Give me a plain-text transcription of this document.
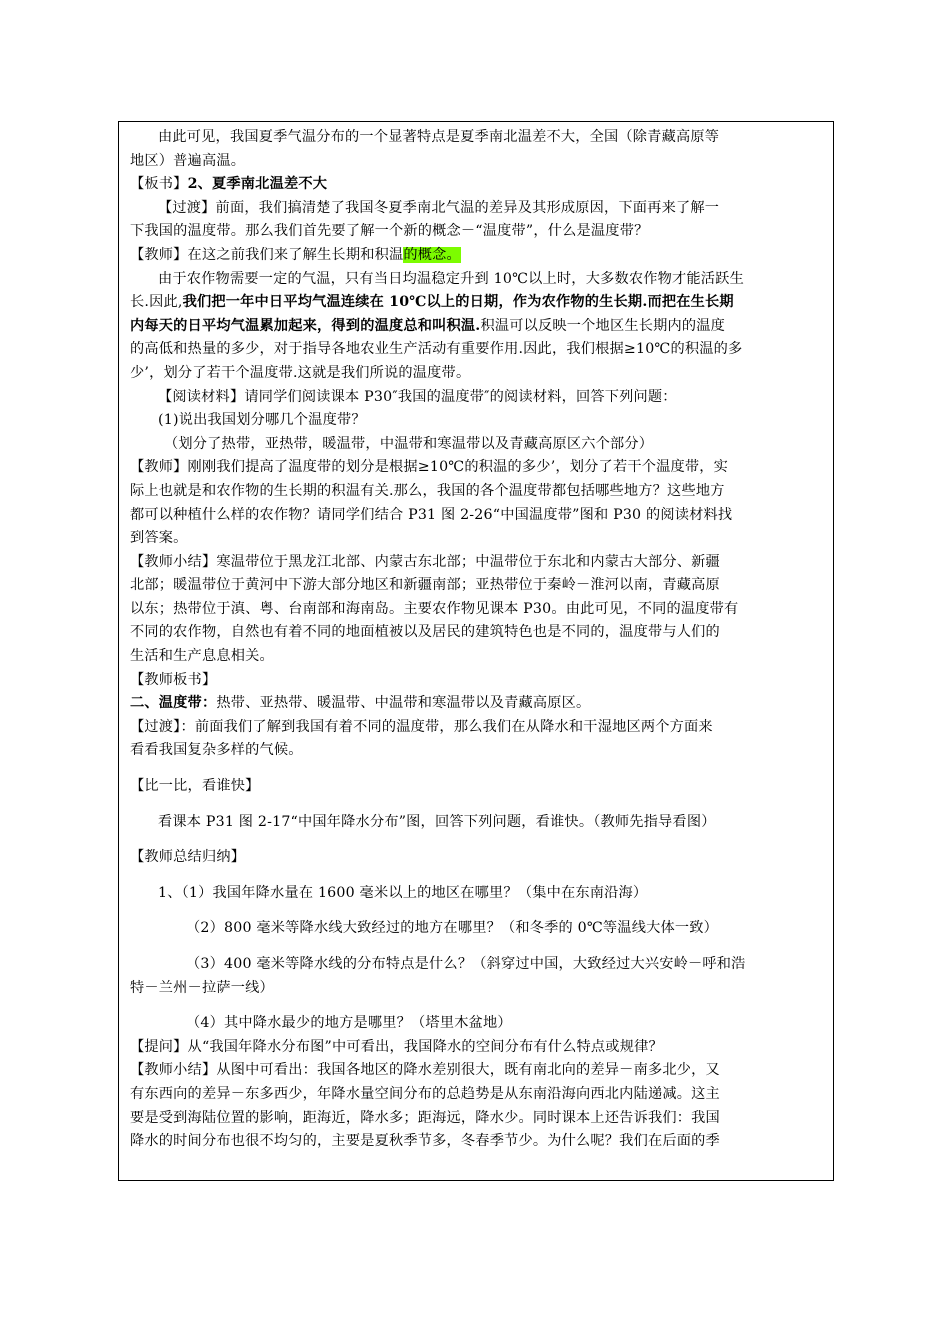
由此可见，我国夏季气温分布的一个显著特点是夏季南北温差不大，全国（除青藏高原等
地区）普遍高温。
【板书】2、夏季南北温差不大
【过渡】前面，我们搞清楚了我国冬夏季南北气温的差异及其形成原因，下面再来了解一
下我国的温度带。那么我们首先要了解一个新的概念－“温度带”，什么是温度带？
【教师】在这之前我们来了解生长期和积温的概念。
由于农作物需要一定的气温，只有当日均温稳定升到 10℃以上时，大多数农作物才能活跃生
长.因此,我们把一年中日平均气温连续在 10℃以上的日期，作为农作物的生长期.而把在生长期
内每天的日平均气温累加起来，得到的温度总和叫积温.积温可以反映一个地区生长期内的温度
的高低和热量的多少，对于指导各地农业生产活动有重要作用.因此，我们根据≥10℃的积温的多
少’，划分了若干个温度带.这就是我们所说的温度带。
【阅读材料】请同学们阅读课本 P30″我国的温度带″的阅读材料，回答下列问题：
(1)说出我国划分哪几个温度带？
（划分了热带，亚热带，暖温带，中温带和寒温带以及青藏高原区六个部分）
【教师】刚刚我们提高了温度带的划分是根据≥10℃的积温的多少’，划分了若干个温度带，实
际上也就是和农作物的生长期的积温有关.那么，我国的各个温度带都包括哪些地方？这些地方
都可以种植什么样的农作物？请同学们结合 P31 图 2-26“中国温度带”图和 P30 的阅读材料找
到答案。
【教师小结】寒温带位于黑龙江北部、内蒙古东北部；中温带位于东北和内蒙古大部分、新疆
北部；暖温带位于黄河中下游大部分地区和新疆南部；亚热带位于秦岭－淮河以南，青藏高原
以东；热带位于滇、粤、台南部和海南岛。主要农作物见课本 P30。由此可见，不同的温度带有
不同的农作物，自然也有着不同的地面植被以及居民的建筑特色也是不同的，温度带与人们的
生活和生产息息相关。
【教师板书】
二、温度带：热带、亚热带、暖温带、中温带和寒温带以及青藏高原区。
【过渡】：前面我们了解到我国有着不同的温度带，那么我们在从降水和干湿地区两个方面来
看看我国复杂多样的气候。
【比一比，看谁快】
看课本 P31 图 2-17“中国年降水分布”图，回答下列问题，看谁快。（教师先指导看图）
【教师总结归纳】
1、（1）我国年降水量在 1600 毫米以上的地区在哪里？（集中在东南沿海）
（2）800 毫米等降水线大致经过的地方在哪里？（和冬季的 0℃等温线大体一致）
（3）400 毫米等降水线的分布特点是什么？（斜穿过中国，大致经过大兴安岭－呼和浩
特－兰州－拉萨一线）
（4）其中降水最少的地方是哪里？（塔里木盆地）
【提问】从“我国年降水分布图”中可看出，我国降水的空间分布有什么特点或规律？
【教师小结】从图中可看出：我国各地区的降水差别很大，既有南北向的差异－南多北少，又
有东西向的差异－东多西少，年降水量空间分布的总趋势是从东南沿海向西北内陆递减。这主
要是受到海陆位置的影响，距海近，降水多；距海远，降水少。同时课本上还告诉我们：我国
降水的时间分布也很不均匀的，主要是夏秋季节多，冬春季节少。为什么呢？我们在后面的季
